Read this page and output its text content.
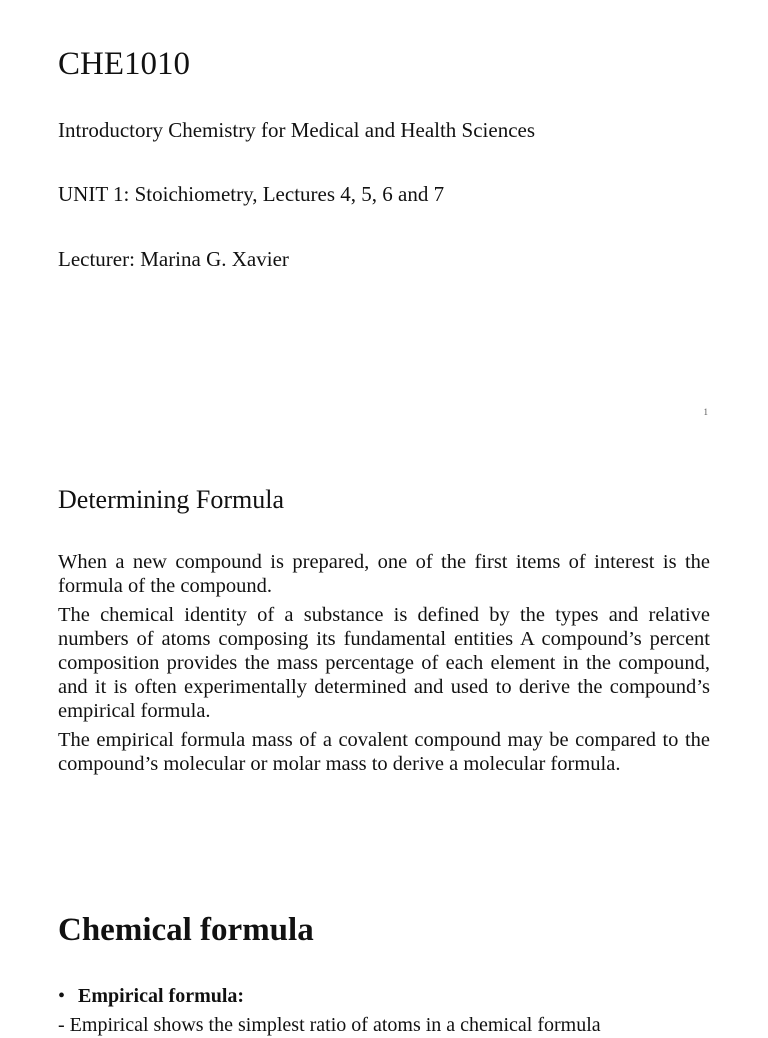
CHE1010

Introductory Chemistry for Medical and Health Sciences

UNIT 1: Stoichiometry, Lectures 4, 5, 6 and 7

Lecturer: Marina G. Xavier

1
Determining Formula

When a new compound is prepared, one of the first items of interest is the formula of the compound.

The chemical identity of a substance is defined by the types and relative numbers of atoms composing its fundamental entities A compound’s percent composition provides the mass percentage of each element in the compound, and it is often experimentally determined and used to derive the compound’s empirical formula.

The empirical formula mass of a covalent compound may be compared to the compound’s molecular or molar mass to derive a molecular formula.

Chemical formula
• Empirical formula:
- Empirical shows the simplest ratio of atoms in a chemical formula
